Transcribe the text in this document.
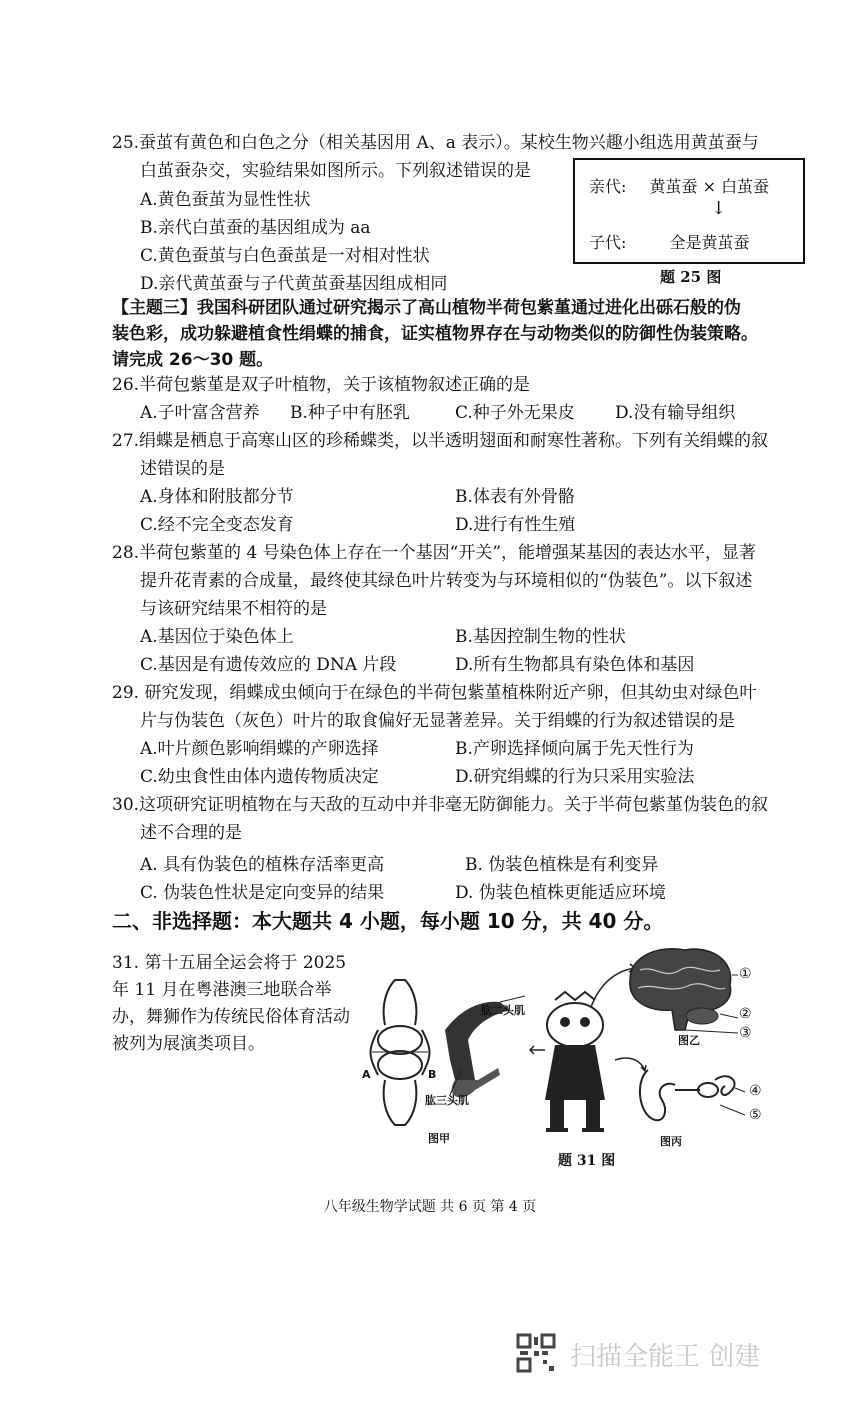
25.蚕茧有黄色和白色之分（相关基因用 A、a 表示）。某校生物兴趣小组选用黄茧蚕与
白茧蚕杂交，实验结果如图所示。下列叙述错误的是
A.黄色蚕茧为显性性状
B.亲代白茧蚕的基因组成为 aa
C.黄色蚕茧与白色蚕茧是一对相对性状
D.亲代黄茧蚕与子代黄茧蚕基因组成相同
亲代: 黄茧蚕 × 白茧蚕
↓
子代:	全是黄茧蚕
题 25 图
【主题三】我国科研团队通过研究揭示了高山植物半荷包紫堇通过进化出砾石般的伪
装色彩，成功躲避植食性绢蝶的捕食，证实植物界存在与动物类似的防御性伪装策略。
请完成 26～30 题。
26.半荷包紫堇是双子叶植物，关于该植物叙述正确的是
A.子叶富含营养 B.种子中有胚乳	C.种子外无果皮 D.没有输导组织
27.绢蝶是栖息于高寒山区的珍稀蝶类，以半透明翅面和耐寒性著称。下列有关绢蝶的叙
述错误的是
A.身体和附肢都分节	B.体表有外骨骼
C.经不完全变态发育	D.进行有性生殖
28.半荷包紫堇的 4 号染色体上存在一个基因“开关”，能增强某基因的表达水平，显著
提升花青素的合成量，最终使其绿色叶片转变为与环境相似的“伪装色”。以下叙述
与该研究结果不相符的是
A.基因位于染色体上	B.基因控制生物的性状
C.基因是有遗传效应的 DNA 片段	D.所有生物都具有染色体和基因
29. 研究发现，绢蝶成虫倾向于在绿色的半荷包紫堇植株附近产卵，但其幼虫对绿色叶
片与伪装色（灰色）叶片的取食偏好无显著差异。关于绢蝶的行为叙述错误的是
A.叶片颜色影响绢蝶的产卵选择	B.产卵选择倾向属于先天性行为
C.幼虫食性由体内遗传物质决定	D.研究绢蝶的行为只采用实验法
30.这项研究证明植物在与天敌的互动中并非毫无防御能力。关于半荷包紫堇伪装色的叙
述不合理的是
A. 具有伪装色的植株存活率更高	B. 伪装色植株是有利变异
C. 伪装色性状是定向变异的结果	D. 伪装色植株更能适应环境
二、非选择题：本大题共 4 小题，每小题 10 分，共 40 分。
31. 第十五届全运会将于 2025 年 11 月在粤港澳三地联合举办，舞狮作为传统民俗体育活动被列为展演类项目。
肱二头肌
肱三头肌
A	B
图甲
图乙
图丙
①
②
③
④
⑤
题 31 图
八年级生物学试题 共 6 页 第 4 页
扫描全能王 创建
